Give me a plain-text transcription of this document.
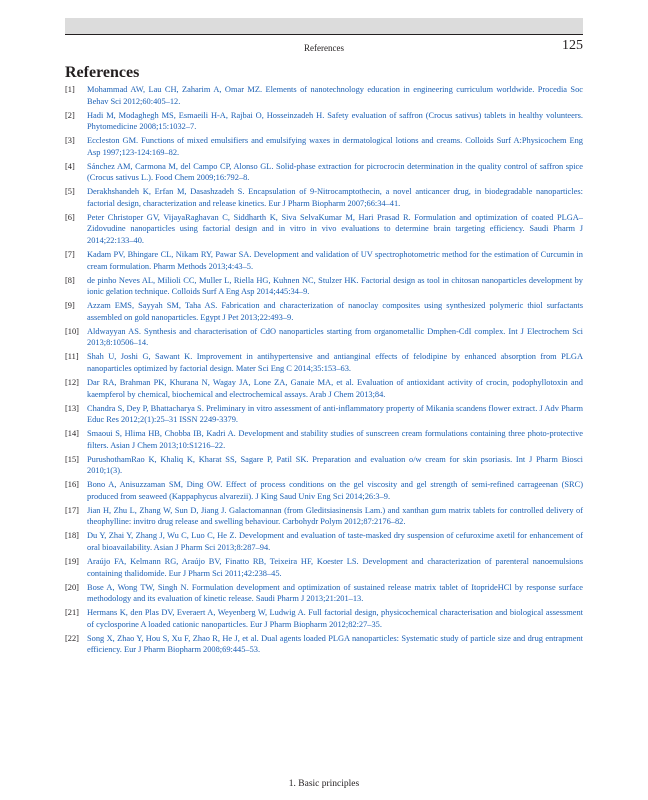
References	125
References
[1] Mohammad AW, Lau CH, Zaharim A, Omar MZ. Elements of nanotechnology education in engineering curriculum worldwide. Procedia Soc Behav Sci 2012;60:405–12.
[2] Hadi M, Modaghegh MS, Esmaeili H-A, Rajbai O, Hosseinzadeh H. Safety evaluation of saffron (Crocus sativus) tablets in healthy volunteers. Phytomedicine 2008;15:1032–7.
[3] Eccleston GM. Functions of mixed emulsifiers and emulsifying waxes in dermatological lotions and creams. Colloids Surf A:Physicochem Eng Asp 1997;123-124:169–82.
[4] Sánchez AM, Carmona M, del Campo CP, Alonso GL. Solid-phase extraction for picrocrocin determination in the quality control of saffron spice (Crocus sativus L.). Food Chem 2009;16:792–8.
[5] Derakhshandeh K, Erfan M, Dasashzadeh S. Encapsulation of 9-Nitrocamptothecin, a novel anticancer drug, in biodegradable nanoparticles: factorial design, characterization and release kinetics. Eur J Pharm Biopharm 2007;66:34–41.
[6] Peter Christoper GV, VijayaRaghavan C, Siddharth K, Siva SelvaKumar M, Hari Prasad R. Formulation and optimization of coated PLGA–Zidovudine nanoparticles using factorial design and in vitro in vivo evaluations to determine brain targeting efficiency. Saudi Pharm J 2014;22:133–40.
[7] Kadam PV, Bhingare CL, Nikam RY, Pawar SA. Development and validation of UV spectrophotometric method for the estimation of Curcumin in cream formulation. Pharm Methods 2013;4:43–5.
[8] de pinho Neves AL, Milioli CC, Muller L, Riella HG, Kuhnen NC, Stulzer HK. Factorial design as tool in chitosan nanoparticles development by ionic gelation technique. Colloids Surf A Eng Asp 2014;445:34–9.
[9] Azzam EMS, Sayyah SM, Taha AS. Fabrication and characterization of nanoclay composites using synthesized polymeric thiol surfactants assembled on gold nanoparticles. Egypt J Pet 2013;22:493–9.
[10] Aldwayyan AS. Synthesis and characterisation of CdO nanoparticles starting from organometallic Dmphen-CdI complex. Int J Electrochem Sci 2013;8:10506–14.
[11] Shah U, Joshi G, Sawant K. Improvement in antihypertensive and antianginal effects of felodipine by enhanced absorption from PLGA nanoparticles optimized by factorial design. Mater Sci Eng C 2014;35:153–63.
[12] Dar RA, Brahman PK, Khurana N, Wagay JA, Lone ZA, Ganaie MA, et al. Evaluation of antioxidant activity of crocin, podophyllotoxin and kaempferol by chemical, biochemical and electrochemical assays. Arab J Chem 2013;84.
[13] Chandra S, Dey P, Bhattacharya S. Preliminary in vitro assessment of anti-inflammatory property of Mikania scandens flower extract. J Adv Pharm Educ Res 2012;2(1):25–31 ISSN 2249-3379.
[14] Smaoui S, Hlima HB, Chobba IB, Kadri A. Development and stability studies of sunscreen cream formulations containing three photo-protective filters. Asian J Chem 2013;10:S1216–22.
[15] PurushothamRao K, Khaliq K, Kharat SS, Sagare P, Patil SK. Preparation and evaluation o/w cream for skin psoriasis. Int J Pharm Biosci 2010;1(3).
[16] Bono A, Anisuzzaman SM, Ding OW. Effect of process conditions on the gel viscosity and gel strength of semi-refined carrageenan (SRC) produced from seaweed (Kappaphycus alvarezii). J King Saud Univ Eng Sci 2014;26:3–9.
[17] Jian H, Zhu L, Zhang W, Sun D, Jiang J. Galactomannan (from Gleditsiasinensis Lam.) and xanthan gum matrix tablets for controlled delivery of theophylline: invitro drug release and swelling behaviour. Carbohydr Polym 2012;87:2176–82.
[18] Du Y, Zhai Y, Zhang J, Wu C, Luo C, He Z. Development and evaluation of taste-masked dry suspension of cefuroxime axetil for enhancement of oral bioavailability. Asian J Pharm Sci 2013;8:287–94.
[19] Araújo FA, Kelmann RG, Araújo BV, Finatto RB, Teixeira HF, Koester LS. Development and characterization of parenteral nanoemulsions containing thalidomide. Eur J Pharm Sci 2011;42:238–45.
[20] Bose A, Wong TW, Singh N. Formulation development and optimization of sustained release matrix tablet of ItoprideHCl by response surface methodology and its evaluation of kinetic release. Saudi Pharm J 2013;21:201–13.
[21] Hermans K, den Plas DV, Everaert A, Weyenberg W, Ludwig A. Full factorial design, physicochemical characterisation and biological assessment of cyclosporine A loaded cationic nanoparticles. Eur J Pharm Biopharm 2012;82:27–35.
[22] Song X, Zhao Y, Hou S, Xu F, Zhao R, He J, et al. Dual agents loaded PLGA nanoparticles: Systematic study of particle size and drug entrapment efficiency. Eur J Pharm Biopharm 2008;69:445–53.
1. Basic principles
